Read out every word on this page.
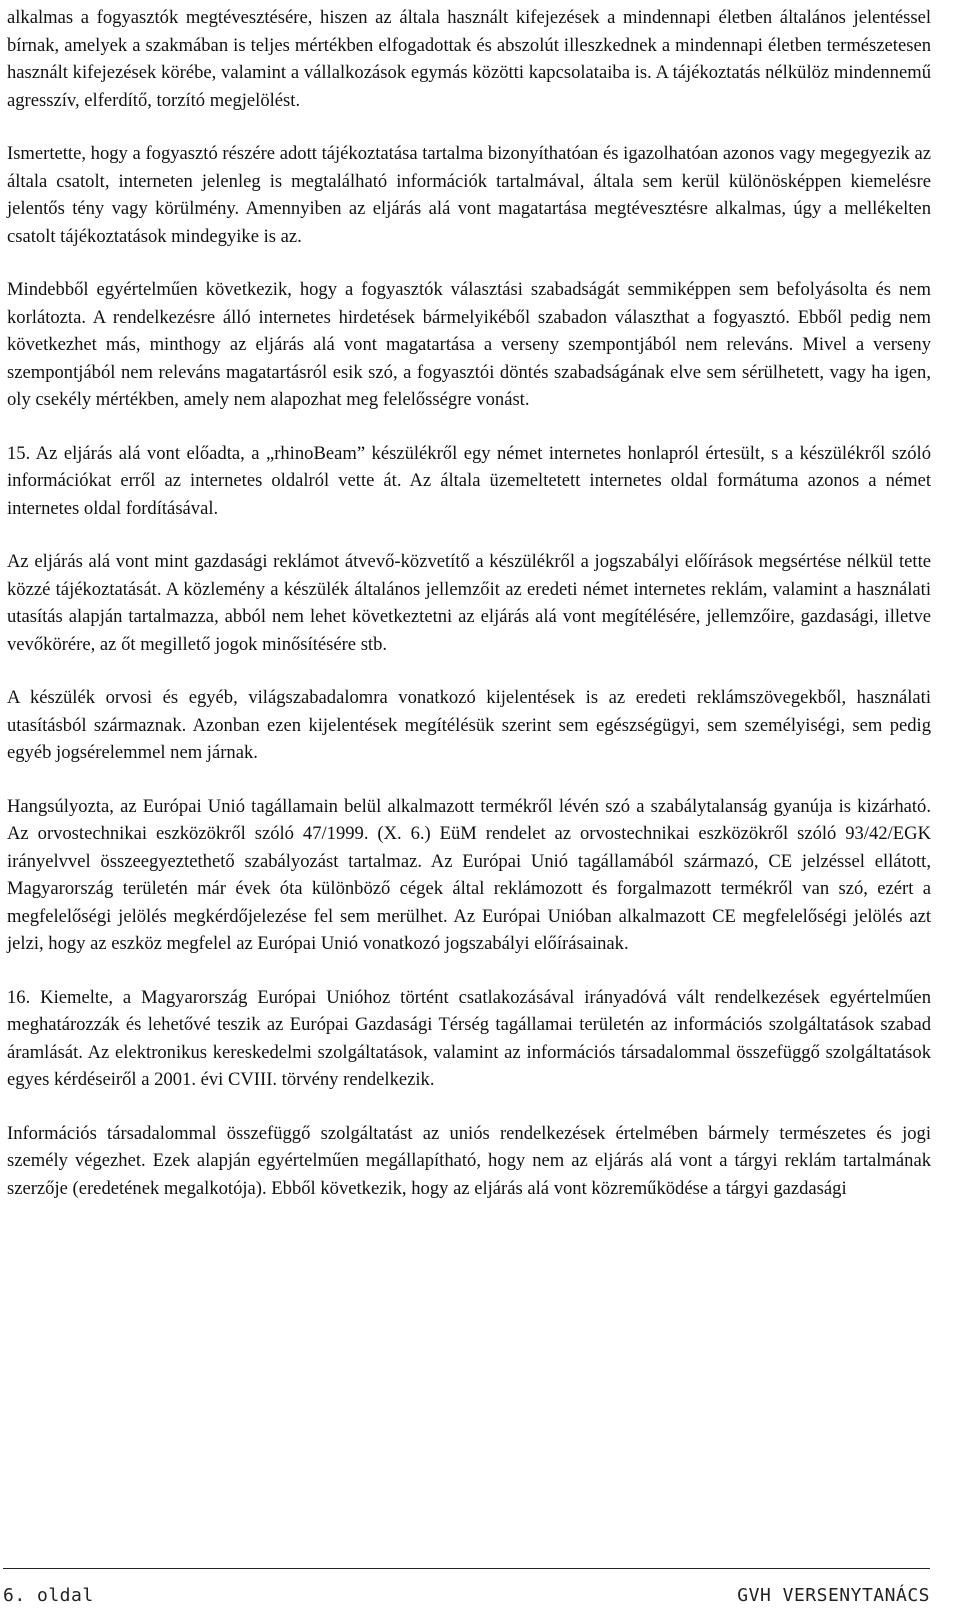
alkalmas a fogyasztók megtévesztésére, hiszen az általa használt kifejezések a mindennapi életben általános jelentéssel bírnak, amelyek a szakmában is teljes mértékben elfogadottak és abszolút illeszkednek a mindennapi életben természetesen használt kifejezések körébe, valamint a vállalkozások egymás közötti kapcsolataiba is. A tájékoztatás nélkülöz mindennemű agresszív, elferdítő, torzító megjelölést.

Ismertette, hogy a fogyasztó részére adott tájékoztatása tartalma bizonyíthatóan és igazolhatóan azonos vagy megegyezik az általa csatolt, interneten jelenleg is megtalálható információk tartalmával, általa sem kerül különösképpen kiemelésre jelentős tény vagy körülmény. Amennyiben az eljárás alá vont magatartása megtévesztésre alkalmas, úgy a mellékelten csatolt tájékoztatások mindegyike is az.

Mindebből egyértelműen következik, hogy a fogyasztók választási szabadságát semmiképpen sem befolyásolta és nem korlátozta. A rendelkezésre álló internetes hirdetések bármelyikéből szabadon választhat a fogyasztó. Ebből pedig nem következhet más, minthogy az eljárás alá vont magatartása a verseny szempontjából nem releváns. Mivel a verseny szempontjából nem releváns magatartásról esik szó, a fogyasztói döntés szabadságának elve sem sérülhetett, vagy ha igen, oly csekély mértékben, amely nem alapozhat meg felelősségre vonást.

15. Az eljárás alá vont előadta, a „rhinoBeam” készülékről egy német internetes honlapról értesült, s a készülékről szóló információkat erről az internetes oldalról vette át. Az általa üzemeltetett internetes oldal formátuma azonos a német internetes oldal fordításával.

Az eljárás alá vont mint gazdasági reklámot átvevő-közvetítő a készülékről a jogszabályi előírások megsértése nélkül tette közzé tájékoztatását. A közlemény a készülék általános jellemzőit az eredeti német internetes reklám, valamint a használati utasítás alapján tartalmazza, abból nem lehet következtetni az eljárás alá vont megítélésére, jellemzőire, gazdasági, illetve vevőkörére, az őt megillető jogok minősítésére stb.

A készülék orvosi és egyéb, világszabadalomra vonatkozó kijelentések is az eredeti reklámszövegekből, használati utasításból származnak. Azonban ezen kijelentések megítélésük szerint sem egészségügyi, sem személyiségi, sem pedig egyéb jogsérelemmel nem járnak.

Hangsúlyozta, az Európai Unió tagállamain belül alkalmazott termékről lévén szó a szabálytalanság gyanúja is kizárható. Az orvostechnikai eszközökről szóló 47/1999. (X. 6.) EüM rendelet az orvostechnikai eszközökről szóló 93/42/EGK irányelvvel összeegyeztethető szabályozást tartalmaz. Az Európai Unió tagállamából származó, CE jelzéssel ellátott, Magyarország területén már évek óta különböző cégek által reklámozott és forgalmazott termékről van szó, ezért a megfelelőségi jelölés megkérdőjelezése fel sem merülhet. Az Európai Unióban alkalmazott CE megfelelőségi jelölés azt jelzi, hogy az eszköz megfelel az Európai Unió vonatkozó jogszabályi előírásainak.

16. Kiemelte, a Magyarország Európai Unióhoz történt csatlakozásával irányadóvá vált rendelkezések egyértelműen meghatározzák és lehetővé teszik az Európai Gazdasági Térség tagállamai területén az információs szolgáltatások szabad áramlását. Az elektronikus kereskedelmi szolgáltatások, valamint az információs társadalommal összefüggő szolgáltatások egyes kérdéseiről a 2001. évi CVIII. törvény rendelkezik.

Információs társadalommal összefüggő szolgáltatást az uniós rendelkezések értelmében bármely természetes és jogi személy végezhet. Ezek alapján egyértelműen megállapítható, hogy nem az eljárás alá vont a tárgyi reklám tartalmának szerzője (eredetének megalkotója). Ebből következik, hogy az eljárás alá vont közreműködése a tárgyi gazdasági

6. oldal	GVH VERSENYTANÁCS
